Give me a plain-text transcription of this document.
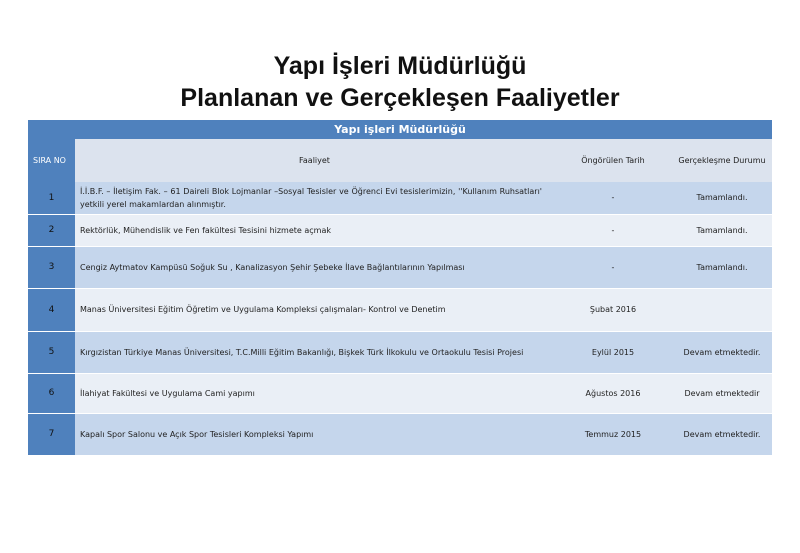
Yapı İşleri Müdürlüğü
Planlanan ve Gerçekleşen Faaliyetler
Yapı işleri Müdürlüğü			
SIRA NO	Faaliyet	Öngörülen Tarih	Gerçekleşme Durumu
1	İ.İ.B.F. – İletişim Fak. – 61 Daireli Blok Lojmanlar –Sosyal Tesisler ve Öğrenci Evi tesislerimizin, ''Kullanım Ruhsatları' yetkili yerel makamlardan alınmıştır.	-	Tamamlandı.
2	Rektörlük, Mühendislik ve Fen fakültesi Tesisini hizmete açmak	-	Tamamlandı.
3	Cengiz Aytmatov Kampüsü Soğuk Su , Kanalizasyon Şehir Şebeke İlave Bağlantılarının Yapılması	-	Tamamlandı.
4	Manas Üniversitesi Eğitim Öğretim ve Uygulama Kompleksi çalışmaları- Kontrol ve Denetim	Şubat 2016	
5	Kırgızistan Türkiye Manas Üniversitesi, T.C.Milli Eğitim Bakanlığı, Bişkek Türk İlkokulu ve Ortaokulu Tesisi Projesi	Eylül 2015	Devam etmektedir.
6	İlahiyat Fakültesi ve Uygulama Cami yapımı	Ağustos 2016	Devam etmektedir
7	Kapalı Spor Salonu ve Açık Spor Tesisleri Kompleksi Yapımı	Temmuz 2015	Devam etmektedir.
